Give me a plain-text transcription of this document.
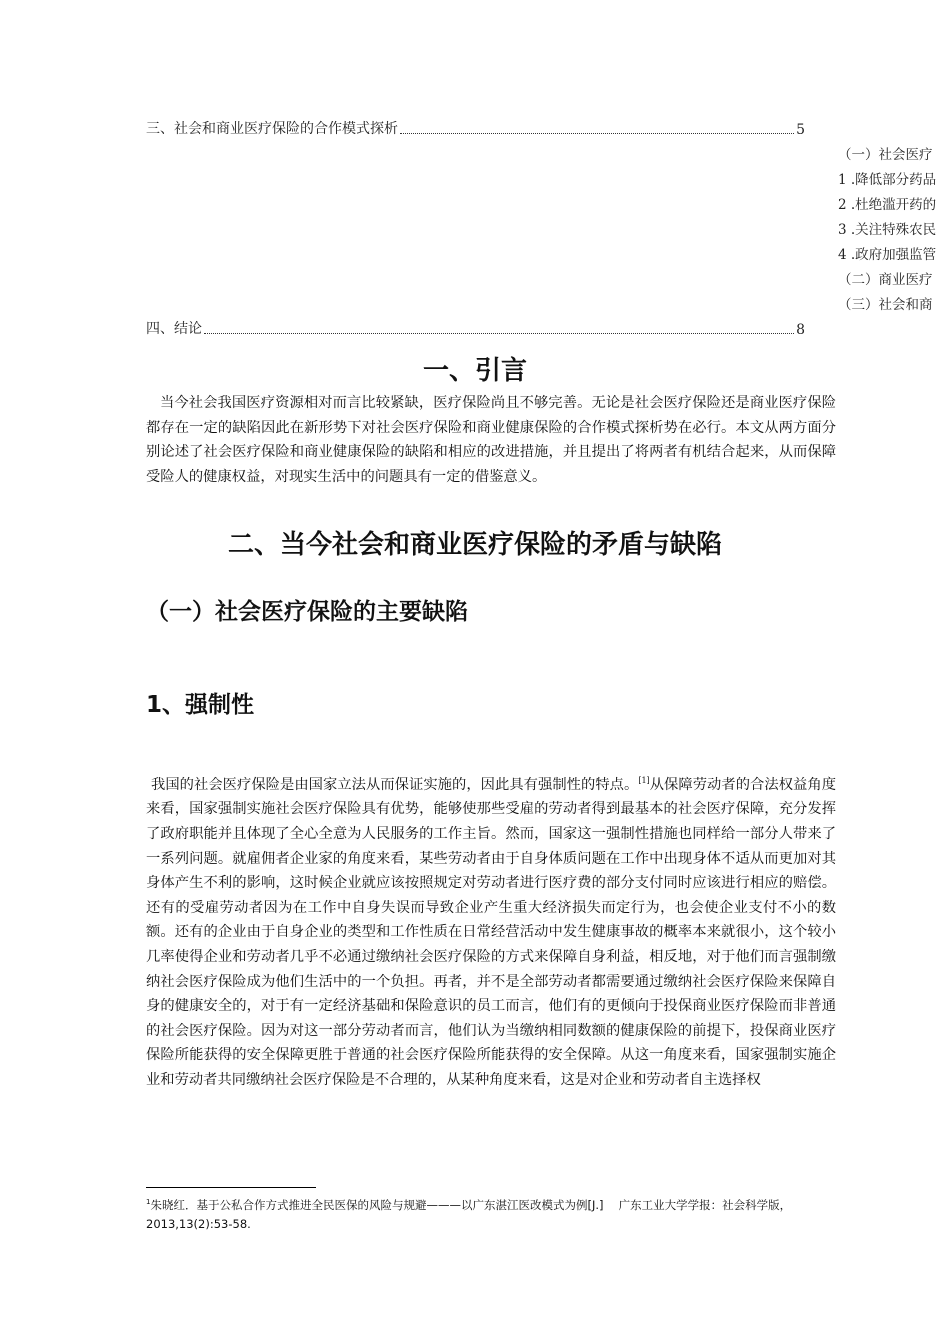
三、社会和商业医疗保险的合作模式探析	5
（一）社会医疗
1 .降低部分药品
2 .杜绝滥开药的
3 .关注特殊农民
4 .政府加强监管
（二）商业医疗
（三）社会和商
四、结论	8
一、引言
当今社会我国医疗资源相对而言比较紧缺，医疗保险尚且不够完善。无论是社会医疗保险还是商业医疗保险都存在一定的缺陷因此在新形势下对社会医疗保险和商业健康保险的合作模式探析势在必行。本文从两方面分别论述了社会医疗保险和商业健康保险的缺陷和相应的改进措施，并且提出了将两者有机结合起来，从而保障受险人的健康权益，对现实生活中的问题具有一定的借鉴意义。
二、当今社会和商业医疗保险的矛盾与缺陷
（一）社会医疗保险的主要缺陷
1、强制性
我国的社会医疗保险是由国家立法从而保证实施的，因此具有强制性的特点。[1]从保障劳动者的合法权益角度来看，国家强制实施社会医疗保险具有优势，能够使那些受雇的劳动者得到最基本的社会医疗保障，充分发挥了政府职能并且体现了全心全意为人民服务的工作主旨。然而，国家这一强制性措施也同样给一部分人带来了一系列问题。就雇佣者企业家的角度来看，某些劳动者由于自身体质问题在工作中出现身体不适从而更加对其身体产生不利的影响，这时候企业就应该按照规定对劳动者进行医疗费的部分支付同时应该进行相应的赔偿。还有的受雇劳动者因为在工作中自身失误而导致企业产生重大经济损失而定行为，也会使企业支付不小的数额。还有的企业由于自身企业的类型和工作性质在日常经营活动中发生健康事故的概率本来就很小，这个较小几率使得企业和劳动者几乎不必通过缴纳社会医疗保险的方式来保障自身利益，相反地，对于他们而言强制缴纳社会医疗保险成为他们生活中的一个负担。再者，并不是全部劳动者都需要通过缴纳社会医疗保险来保障自身的健康安全的，对于有一定经济基础和保险意识的员工而言，他们有的更倾向于投保商业医疗保险而非普通的社会医疗保险。因为对这一部分劳动者而言，他们认为当缴纳相同数额的健康保险的前提下，投保商业医疗保险所能获得的安全保障更胜于普通的社会医疗保险所能获得的安全保障。从这一角度来看，国家强制实施企业和劳动者共同缴纳社会医疗保险是不合理的，从某种角度来看，这是对企业和劳动者自主选择权
$^1$朱晓红．基于公私合作方式推进全民医保的风险与规避———以广东湛江医改模式为例[J.]　 广东工业大学学报：社会科学版，2013,13(2):53-58.
